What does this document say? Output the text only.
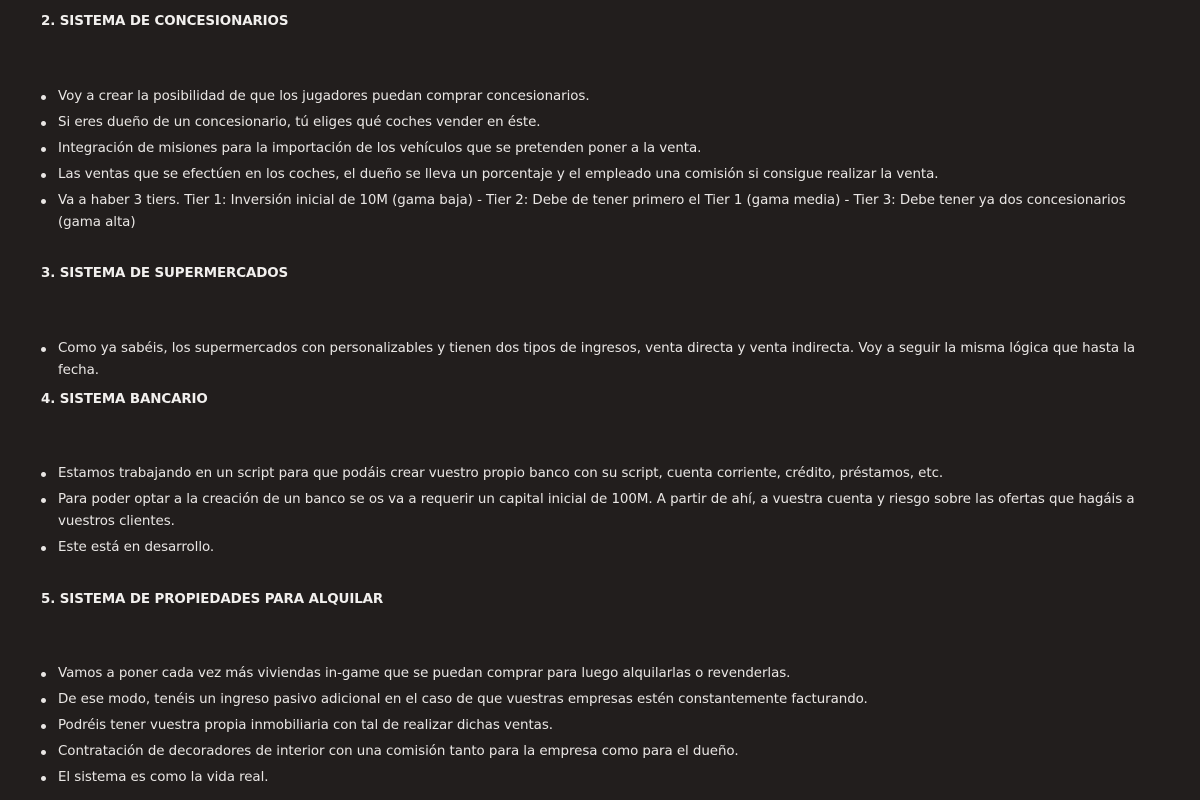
2. SISTEMA DE CONCESIONARIOS
Voy a crear la posibilidad de que los jugadores puedan comprar concesionarios.
Si eres dueño de un concesionario, tú eliges qué coches vender en éste.
Integración de misiones para la importación de los vehículos que se pretenden poner a la venta.
Las ventas que se efectúen en los coches, el dueño se lleva un porcentaje y el empleado una comisión si consigue realizar la venta.
Va a haber 3 tiers. Tier 1: Inversión inicial de 10M (gama baja) - Tier 2: Debe de tener primero el Tier 1 (gama media) - Tier 3: Debe tener ya dos concesionarios (gama alta)
3. SISTEMA DE SUPERMERCADOS
Como ya sabéis, los supermercados con personalizables y tienen dos tipos de ingresos, venta directa y venta indirecta. Voy a seguir la misma lógica que hasta la fecha.
4. SISTEMA BANCARIO
Estamos trabajando en un script para que podáis crear vuestro propio banco con su script, cuenta corriente, crédito, préstamos, etc.
Para poder optar a la creación de un banco se os va a requerir un capital inicial de 100M. A partir de ahí, a vuestra cuenta y riesgo sobre las ofertas que hagáis a vuestros clientes.
Este está en desarrollo.
5. SISTEMA DE PROPIEDADES PARA ALQUILAR
Vamos a poner cada vez más viviendas in-game que se puedan comprar para luego alquilarlas o revenderlas.
De ese modo, tenéis un ingreso pasivo adicional en el caso de que vuestras empresas estén constantemente facturando.
Podréis tener vuestra propia inmobiliaria con tal de realizar dichas ventas.
Contratación de decoradores de interior con una comisión tanto para la empresa como para el dueño.
El sistema es como la vida real.
